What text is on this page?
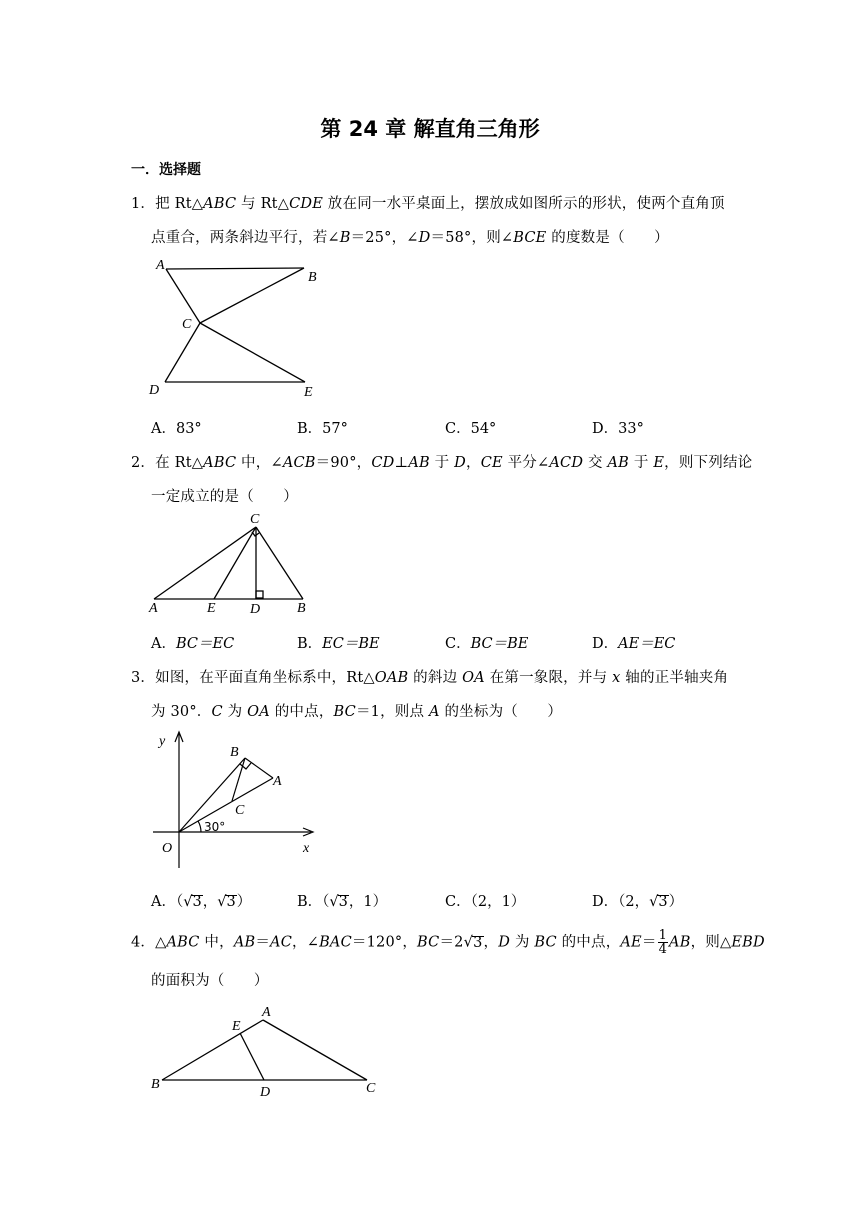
第 24 章 解直角三角形
一．选择题
1．把 Rt△ABC 与 Rt△CDE 放在同一水平桌面上，摆放成如图所示的形状，使两个直角顶
点重合，两条斜边平行，若∠B＝25°，∠D＝58°，则∠BCE 的度数是（　　）
A
B
C
D	E
A．83°	B．57°	C．54°	D．33°
2．在 Rt△ABC 中，∠ACB＝90°，CD⊥AB 于 D，CE 平分∠ACD 交 AB 于 E，则下列结论
一定成立的是（　　）
C
A	E D	B
A．BC＝EC	B．EC＝BE	C．BC＝BE	D．AE＝EC
3．如图，在平面直角坐标系中，Rt△OAB 的斜边 OA 在第一象限，并与 x 轴的正半轴夹角
为 30°．C 为 OA 的中点，BC＝1，则点 A 的坐标为（　　）
y
B
A
C
O	x
30°
A．（√3，√3）	B．（√3，1）	C．（2，1）	D．（2，√3）
4．△ABC 中，AB＝AC，∠BAC＝120°，BC＝2√3，D 为 BC 的中点，$AE= \frac{1}{4}$ AB，则△EBD
的面积为（　　）
A
E
B
D	C
